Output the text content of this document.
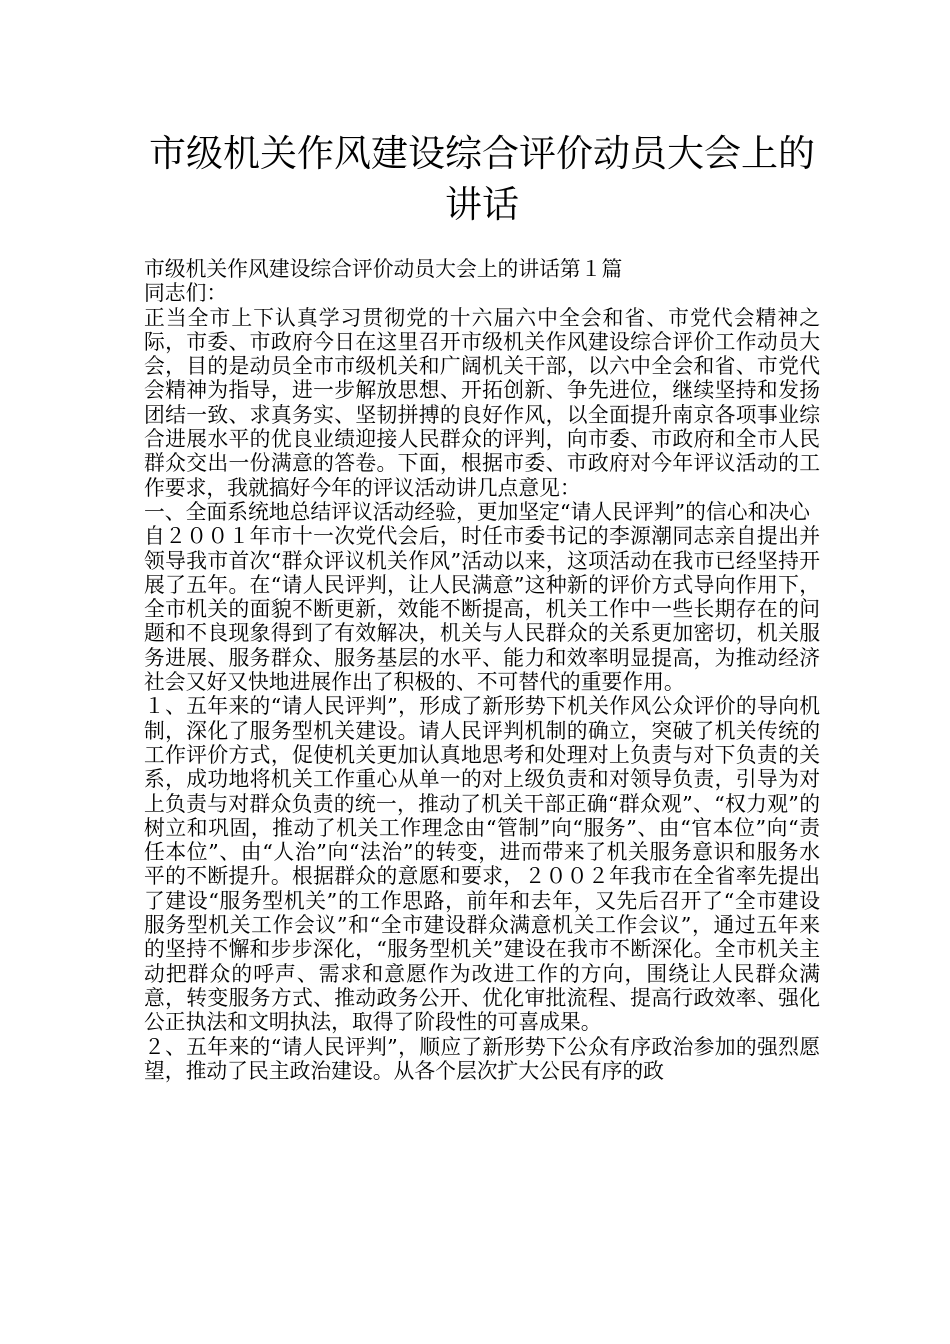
市级机关作风建设综合评价动员大会上的
讲话

市级机关作风建设综合评价动员大会上的讲话第１篇

同志们：

正当全市上下认真学习贯彻党的十六届六中全会和省、市党代会精神之际，市委、市政府今日在这里召开市级机关作风建设综合评价工作动员大会，目的是动员全市市级机关和广阔机关干部，以六中全会和省、市党代会精神为指导，进一步解放思想、开拓创新、争先进位，继续坚持和发扬团结一致、求真务实、坚韧拼搏的良好作风，以全面提升南京各项事业综合进展水平的优良业绩迎接人民群众的评判，向市委、市政府和全市人民群众交出一份满意的答卷。下面，根据市委、市政府对今年评议活动的工作要求，我就搞好今年的评议活动讲几点意见：

一、全面系统地总结评议活动经验，更加坚定“请人民评判”的信心和决心

自２００１年市十一次党代会后，时任市委书记的李源潮同志亲自提出并领导我市首次“群众评议机关作风”活动以来，这项活动在我市已经坚持开展了五年。在“请人民评判，让人民满意”这种新的评价方式导向作用下，全市机关的面貌不断更新，效能不断提高，机关工作中一些长期存在的问题和不良现象得到了有效解决，机关与人民群众的关系更加密切，机关服务进展、服务群众、服务基层的水平、能力和效率明显提高，为推动经济社会又好又快地进展作出了积极的、不可替代的重要作用。

１、五年来的“请人民评判”，形成了新形势下机关作风公众评价的导向机制，深化了服务型机关建设。请人民评判机制的确立，突破了机关传统的工作评价方式，促使机关更加认真地思考和处理对上负责与对下负责的关系，成功地将机关工作重心从单一的对上级负责和对领导负责，引导为对上负责与对群众负责的统一，推动了机关干部正确“群众观”、“权力观”的树立和巩固，推动了机关工作理念由“管制”向“服务”、由“官本位”向“责任本位”、由“人治”向“法治”的转变，进而带来了机关服务意识和服务水平的不断提升。根据群众的意愿和要求，２００２年我市在全省率先提出了建设“服务型机关”的工作思路，前年和去年，又先后召开了“全市建设服务型机关工作会议”和“全市建设群众满意机关工作会议”，通过五年来的坚持不懈和步步深化，“服务型机关”建设在我市不断深化。全市机关主动把群众的呼声、需求和意愿作为改进工作的方向，围绕让人民群众满意，转变服务方式、推动政务公开、优化审批流程、提高行政效率、强化公正执法和文明执法，取得了阶段性的可喜成果。

２、五年来的“请人民评判”，顺应了新形势下公众有序政治参加的强烈愿望，推动了民主政治建设。从各个层次扩大公民有序的政
